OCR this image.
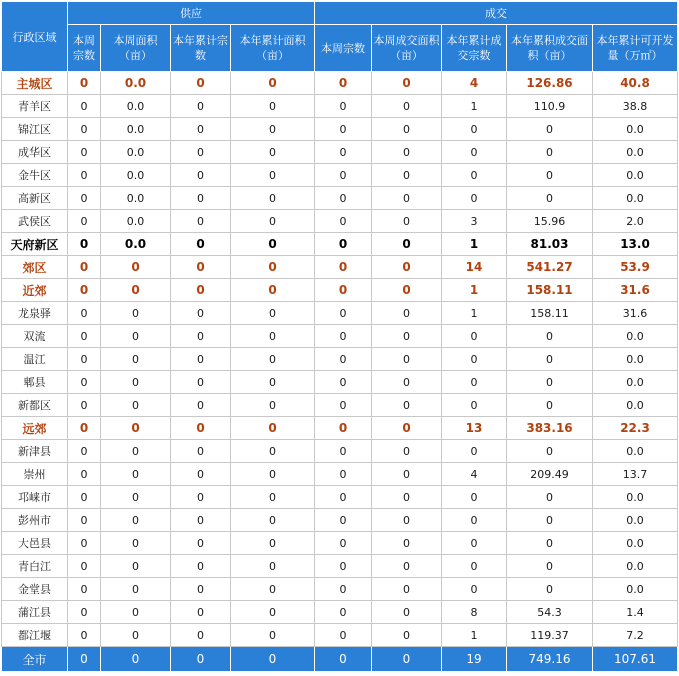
行政区域	供应				成交				
	本周宗数	本周面积（亩）	本年累计宗数	本年累计面积（亩）	本周宗数	本周成交面积（亩）	本年累计成交宗数	本年累积成交面积（亩）	本年累计可开发量（万㎡）
主城区	0	0.0	0	0	0	0	4	126.86	40.8
青羊区	0	0.0	0	0	0	0	1	110.9	38.8
锦江区	0	0.0	0	0	0	0	0	0	0.0
成华区	0	0.0	0	0	0	0	0	0	0.0
金牛区	0	0.0	0	0	0	0	0	0	0.0
高新区	0	0.0	0	0	0	0	0	0	0.0
武侯区	0	0.0	0	0	0	0	3	15.96	2.0
天府新区	0	0.0	0	0	0	0	1	81.03	13.0
郊区	0	0	0	0	0	0	14	541.27	53.9
近郊	0	0	0	0	0	0	1	158.11	31.6
龙泉驿	0	0	0	0	0	0	1	158.11	31.6
双流	0	0	0	0	0	0	0	0	0.0
温江	0	0	0	0	0	0	0	0	0.0
郫县	0	0	0	0	0	0	0	0	0.0
新都区	0	0	0	0	0	0	0	0	0.0
远郊	0	0	0	0	0	0	13	383.16	22.3
新津县	0	0	0	0	0	0	0	0	0.0
崇州	0	0	0	0	0	0	4	209.49	13.7
邛崃市	0	0	0	0	0	0	0	0	0.0
彭州市	0	0	0	0	0	0	0	0	0.0
大邑县	0	0	0	0	0	0	0	0	0.0
青白江	0	0	0	0	0	0	0	0	0.0
金堂县	0	0	0	0	0	0	0	0	0.0
蒲江县	0	0	0	0	0	0	8	54.3	1.4
都江堰	0	0	0	0	0	0	1	119.37	7.2
全市	0	0	0	0	0	0	19	749.16	107.61
